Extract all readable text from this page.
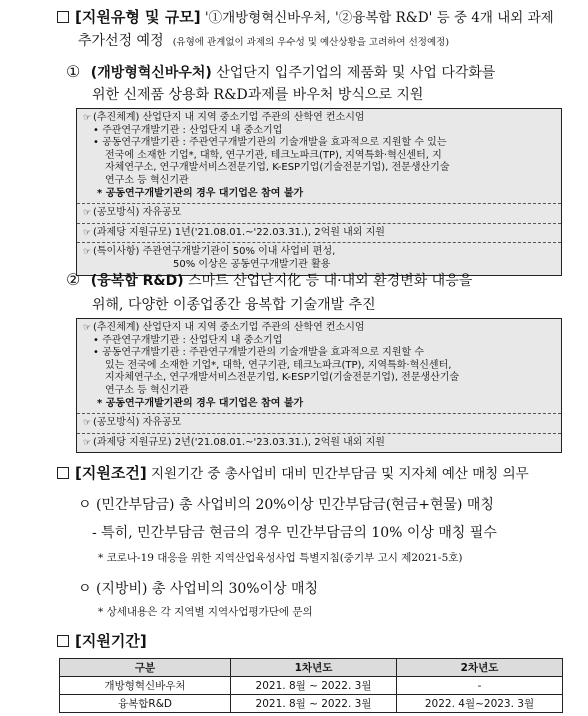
[지원유형 및 규모] '①개방형혁신바우처, '②융복합 R&D' 등 중 4개 내외 과제
추가선정 예정 (유형에 관계없이 과제의 우수성 및 예산상황을 고려하여 선정예정)
① (개방형혁신바우처) 산업단지 입주기업의 제품화 및 사업 다각화를
위한 신제품 상용화 R&D과제를 바우처 방식으로 지원
☞ (추진체계) 산업단지 내 지역 중소기업 주관의 산학연 컨소시엄
• 주관연구개발기관 : 산업단지 내 중소기업
• 공동연구개발기관 : 주관연구개발기관의 기술개발을 효과적으로 지원할 수 있는
전국에 소재한 기업*, 대학, 연구기관, 테크노파크(TP), 지역특화·혁신센터, 지
자체연구소, 연구개발서비스전문기업, K-ESP기업(기술전문기업), 전문생산기술
연구소 등 혁신기관
* 공동연구개발기관의 경우 대기업은 참여 불가
☞ (공모방식) 자유공모
☞ (과제당 지원규모) 1년('21.08.01.~'22.03.31.), 2억원 내외 지원
☞ (특이사항) 주관연구개발기관이 50% 이내 사업비 편성,
50% 이상은 공동연구개발기관 활용
② (융복합 R&D) 스마트 산업단지化 등 대·내외 환경변화 대응을
위해, 다양한 이종업종간 융복합 기술개발 추진
☞ (추진체계) 산업단지 내 지역 중소기업 주관의 산학연 컨소시엄
• 주관연구개발기관 : 산업단지 내 중소기업
• 공동연구개발기관 : 주관연구개발기관의 기술개발을 효과적으로 지원할 수
있는 전국에 소재한 기업*, 대학, 연구기관, 테크노파크(TP), 지역특화·혁신센터,
지자체연구소, 연구개발서비스전문기업, K-ESP기업(기술전문기업), 전문생산기술
연구소 등 혁신기관
* 공동연구개발기관의 경우 대기업은 참여 불가
☞ (공모방식) 자유공모
☞ (과제당 지원규모) 2년('21.08.01.~'23.03.31.), 2억원 내외 지원
[지원조건] 지원기간 중 총사업비 대비 민간부담금 및 지자체 예산 매칭 의무
ㅇ (민간부담금) 총 사업비의 20%이상 민간부담금(현금+현물) 매칭
- 특히, 민간부담금 현금의 경우 민간부담금의 10% 이상 매칭 필수
* 코로나-19 대응을 위한 지역산업육성사업 특별지침(중기부 고시 제2021-5호)
ㅇ (지방비) 총 사업비의 30%이상 매칭
* 상세내용은 각 지역별 지역사업평가단에 문의
[지원기간]
구분	1차년도	2차년도
개방형혁신바우처	2021. 8월 ~ 2022. 3월	-
융복합R&D	2021. 8월 ~ 2022. 3월	2022. 4월~2023. 3월
